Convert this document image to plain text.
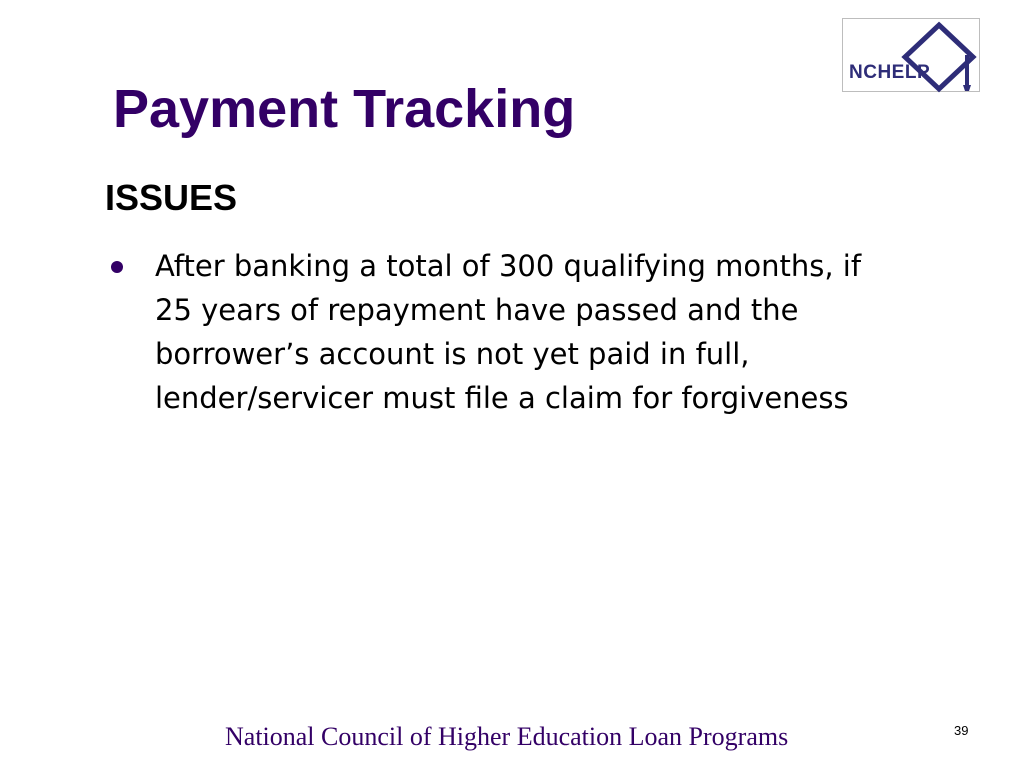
NCHELP
Payment Tracking
ISSUES
After banking a total of 300 qualifying months, if 25 years of repayment have passed and the borrower’s account is not yet paid in full, lender/servicer must file a claim for forgiveness
National Council of Higher Education Loan Programs	39
